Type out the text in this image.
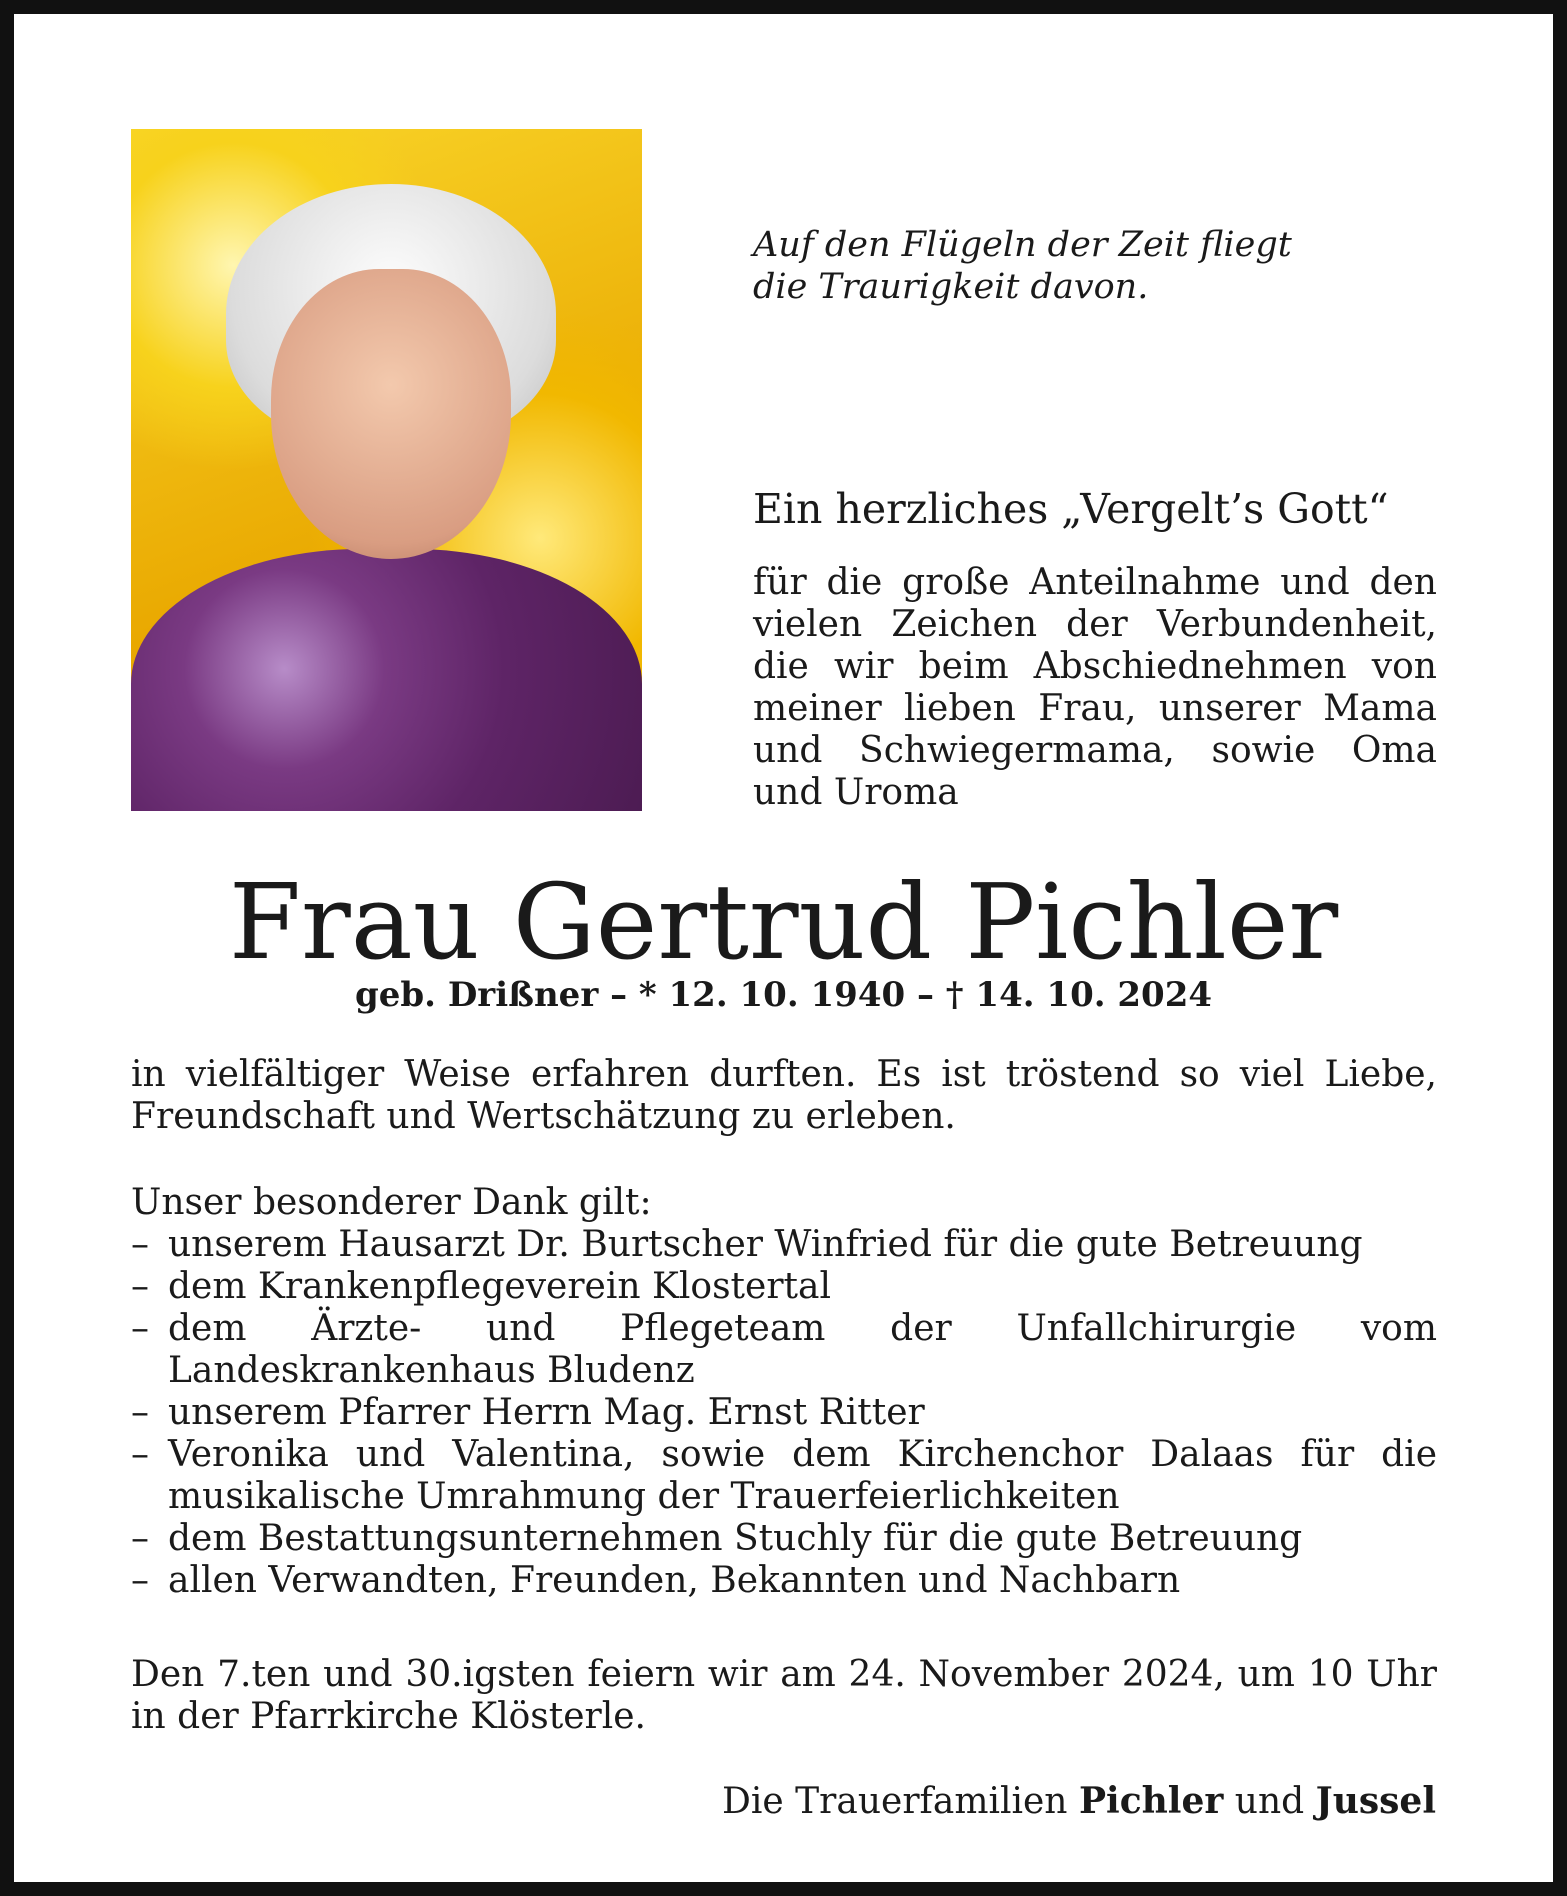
Auf den Flügeln der Zeit fliegt
die Traurigkeit davon.
Ein herzliches „Vergelt’s Gott“
für die große Anteilnahme und den vielen Zeichen der Verbundenheit, die wir beim Abschiednehmen von meiner lieben Frau, unserer Mama und Schwiegermama, sowie Oma und Uroma
Frau Gertrud Pichler
geb. Drißner – * 12. 10. 1940 – † 14. 10. 2024
in vielfältiger Weise erfahren durften. Es ist tröstend so viel Liebe, Freundschaft und Wertschätzung zu erleben.
Unser besonderer Dank gilt:
– unserem Hausarzt Dr. Burtscher Winfried für die gute Betreuung
– dem Krankenpflegeverein Klostertal
– dem Ärzte- und Pflegeteam der Unfallchirurgie vom Landeskrankenhaus Bludenz
– unserem Pfarrer Herrn Mag. Ernst Ritter
– Veronika und Valentina, sowie dem Kirchenchor Dalaas für die musikalische Umrahmung der Trauerfeierlichkeiten
– dem Bestattungsunternehmen Stuchly für die gute Betreuung
– allen Verwandten, Freunden, Bekannten und Nachbarn
Den 7.ten und 30.igsten feiern wir am 24. November 2024, um 10 Uhr in der Pfarrkirche Klösterle.
Die Trauerfamilien Pichler und Jussel
